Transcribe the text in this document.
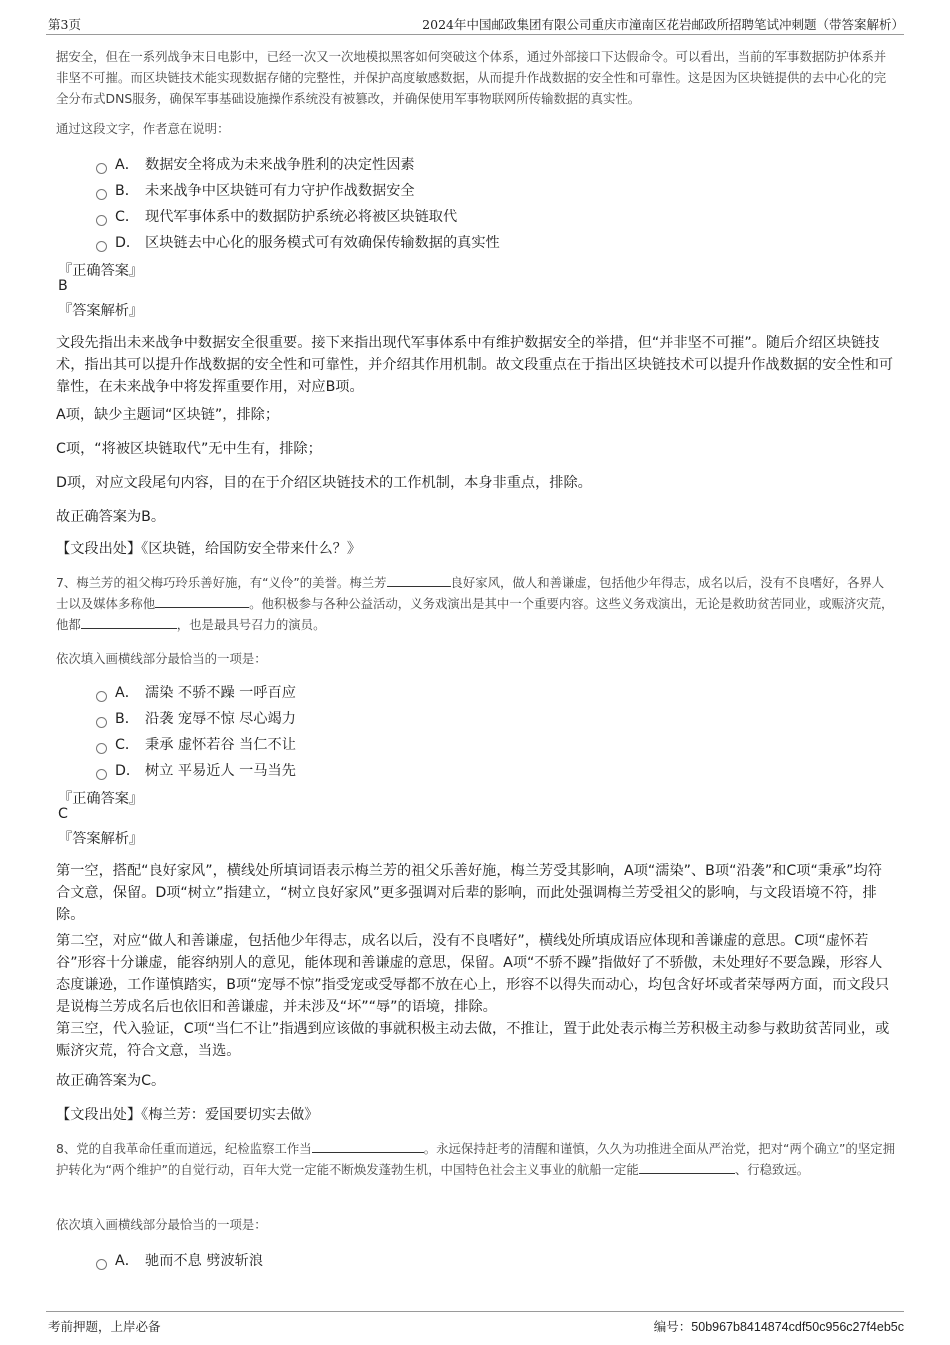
第3页	2024年中国邮政集团有限公司重庆市潼南区花岩邮政所招聘笔试冲刺题（带答案解析）
据安全，但在一系列战争末日电影中，已经一次又一次地模拟黑客如何突破这个体系，通过外部接口下达假命令。可以看出，当前的军事数据防护体系并非坚不可摧。而区块链技术能实现数据存储的完整性，并保护高度敏感数据，从而提升作战数据的安全性和可靠性。这是因为区块链提供的去中心化的完全分布式DNS服务，确保军事基础设施操作系统没有被篡改，并确保使用军事物联网所传输数据的真实性。
通过这段文字，作者意在说明：
A． 数据安全将成为未来战争胜利的决定性因素
B． 未来战争中区块链可有力守护作战数据安全
C． 现代军事体系中的数据防护系统必将被区块链取代
D． 区块链去中心化的服务模式可有效确保传输数据的真实性
『正确答案』
B
『答案解析』
文段先指出未来战争中数据安全很重要。接下来指出现代军事体系中有维护数据安全的举措，但“并非坚不可摧”。随后介绍区块链技术，指出其可以提升作战数据的安全性和可靠性，并介绍其作用机制。故文段重点在于指出区块链技术可以提升作战数据的安全性和可靠性，在未来战争中将发挥重要作用，对应B项。
A项，缺少主题词“区块链”，排除；
C项，“将被区块链取代”无中生有，排除；
D项，对应文段尾句内容，目的在于介绍区块链技术的工作机制，本身非重点，排除。
故正确答案为B。
【文段出处】《区块链，给国防安全带来什么？》
7、梅兰芳的祖父梅巧玲乐善好施，有“义伶”的美誉。梅兰芳	良好家风，做人和善谦虚，包括他少年得志，成名以后，没有不良嗜好，各界人士以及媒体多称他	。他积极参与各种公益活动，义务戏演出是其中一个重要内容。这些义务戏演出，无论是救助贫苦同业，或赈济灾荒，他都	，也是最具号召力的演员。
依次填入画横线部分最恰当的一项是：
A． 濡染 不骄不躁 一呼百应
B． 沿袭 宠辱不惊 尽心竭力
C． 秉承 虚怀若谷 当仁不让
D． 树立 平易近人 一马当先
『正确答案』
C
『答案解析』
第一空，搭配“良好家风”，横线处所填词语表示梅兰芳的祖父乐善好施，梅兰芳受其影响，A项“濡染”、B项“沿袭”和C项“秉承”均符合文意，保留。D项“树立”指建立，“树立良好家风”更多强调对后辈的影响，而此处强调梅兰芳受祖父的影响，与文段语境不符，排除。
第二空，对应“做人和善谦虚，包括他少年得志，成名以后，没有不良嗜好”，横线处所填成语应体现和善谦虚的意思。C项“虚怀若谷”形容十分谦虚，能容纳别人的意见，能体现和善谦虚的意思，保留。A项“不骄不躁”指做好了不骄傲，未处理好不要急躁，形容人态度谦逊，工作谨慎踏实，B项“宠辱不惊”指受宠或受辱都不放在心上，形容不以得失而动心，均包含好坏或者荣辱两方面，而文段只是说梅兰芳成名后也依旧和善谦虚，并未涉及“坏”“辱”的语境，排除。
第三空，代入验证，C项“当仁不让”指遇到应该做的事就积极主动去做，不推让，置于此处表示梅兰芳积极主动参与救助贫苦同业，或赈济灾荒，符合文意，当选。
故正确答案为C。
【文段出处】《梅兰芳：爱国要切实去做》
8、党的自我革命任重而道远，纪检监察工作当	。永远保持赶考的清醒和谨慎，久久为功推进全面从严治党，把对“两个确立”的坚定拥护转化为“两个维护”的自觉行动，百年大党一定能不断焕发蓬勃生机，中国特色社会主义事业的航船一定能	、行稳致远。
依次填入画横线部分最恰当的一项是：
A． 驰而不息 劈波斩浪
考前押题，上岸必备	编号：50b967b8414874cdf50c956c27f4eb5c
